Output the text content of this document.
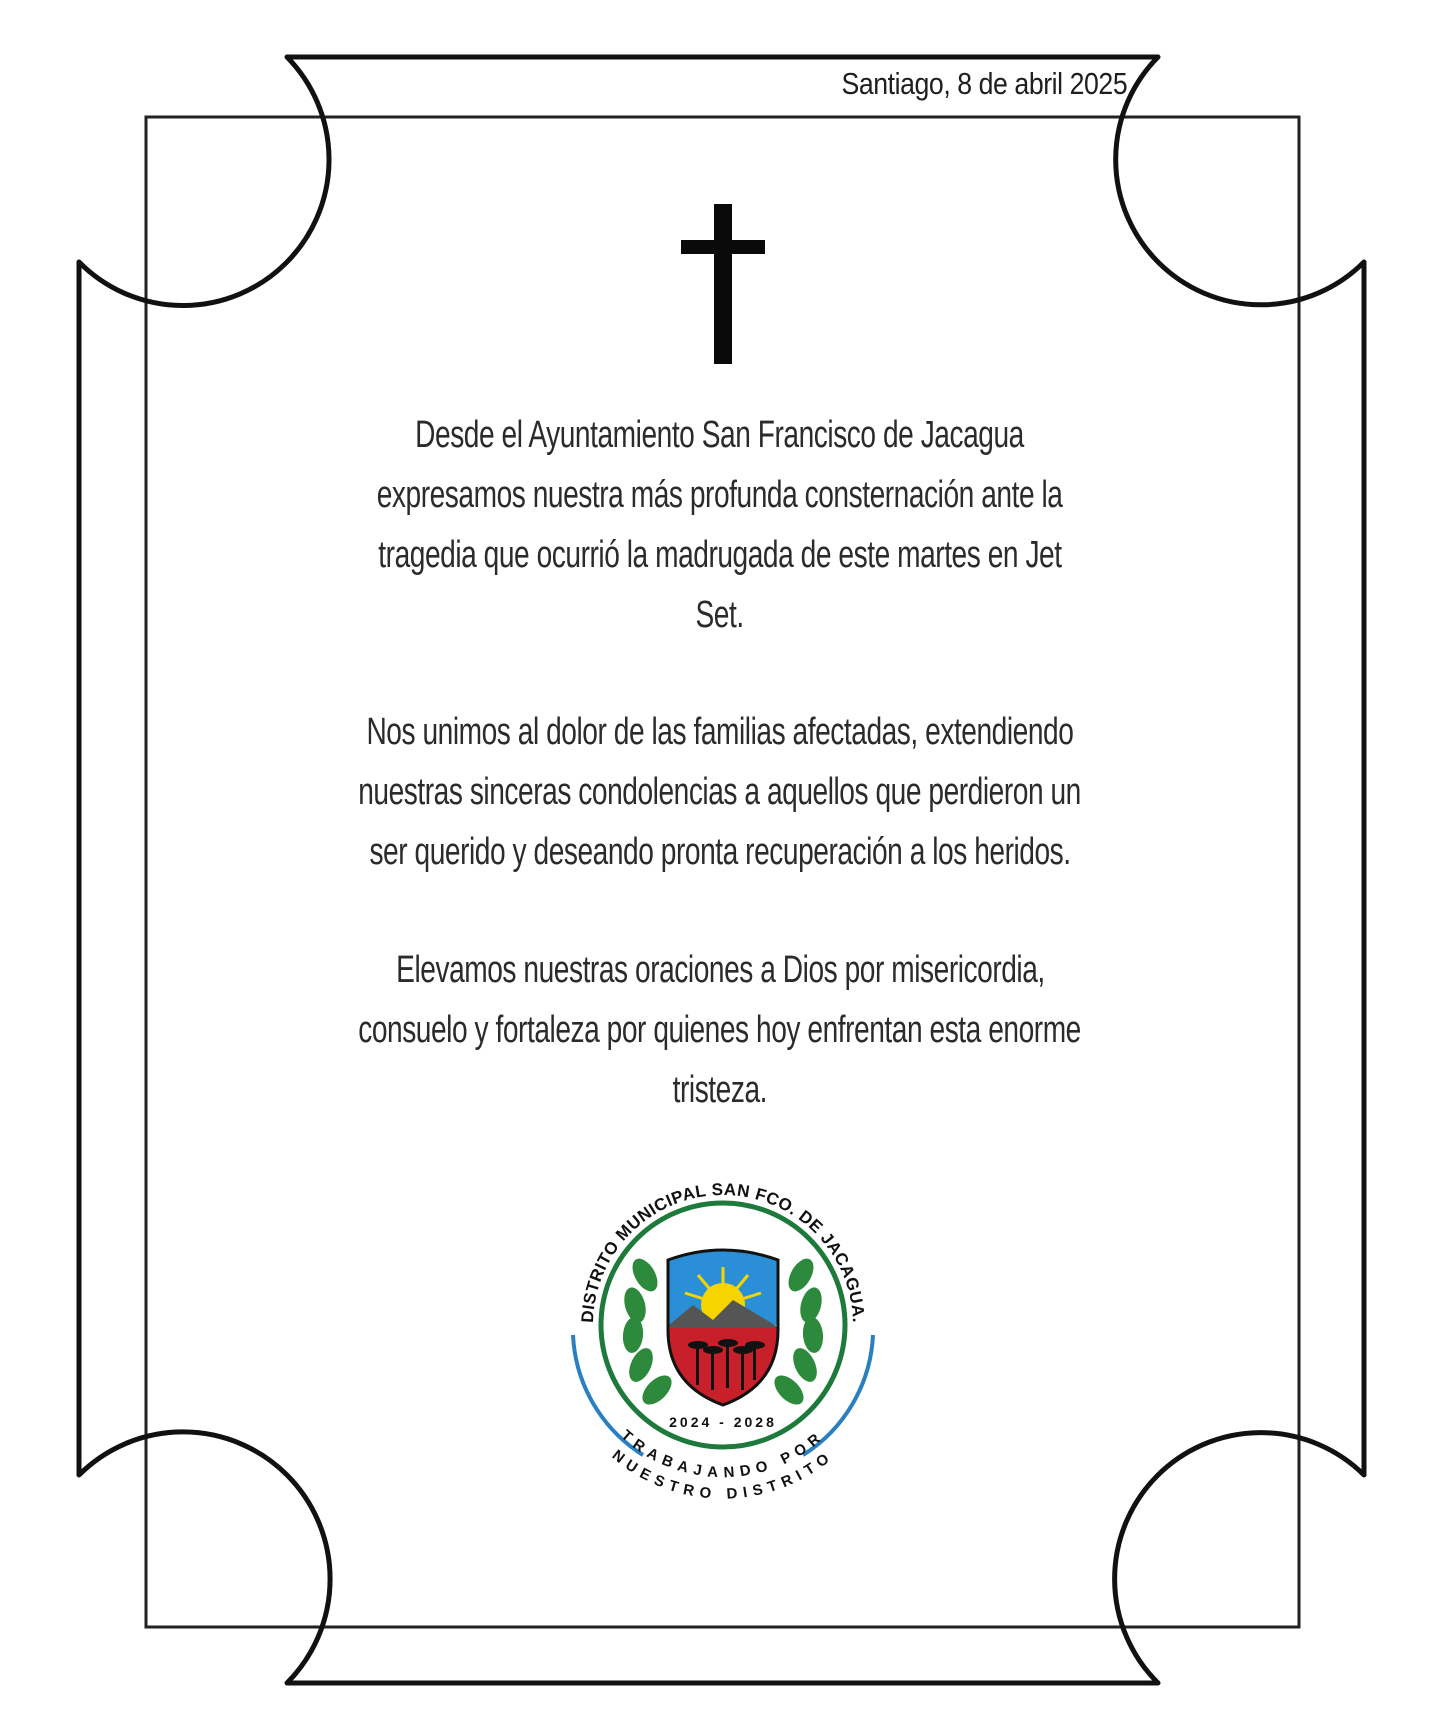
Santiago, 8 de abril 2025
Desde el Ayuntamiento San Francisco de Jacagua expresamos nuestra más profunda consternación ante la tragedia que ocurrió la madrugada de este martes en Jet Set.
Nos unimos al dolor de las familias afectadas, extendiendo nuestras sinceras condolencias a aquellos que perdieron un ser querido y deseando pronta recuperación a los heridos.
Elevamos nuestras oraciones a Dios por misericordia, consuelo y fortaleza por quienes hoy enfrentan esta enorme tristeza.
DISTRITO MUNICIPAL SAN FCO. DE JACAGUA.
2024 - 2028
TRABAJANDO POR
NUESTRO DISTRITO
